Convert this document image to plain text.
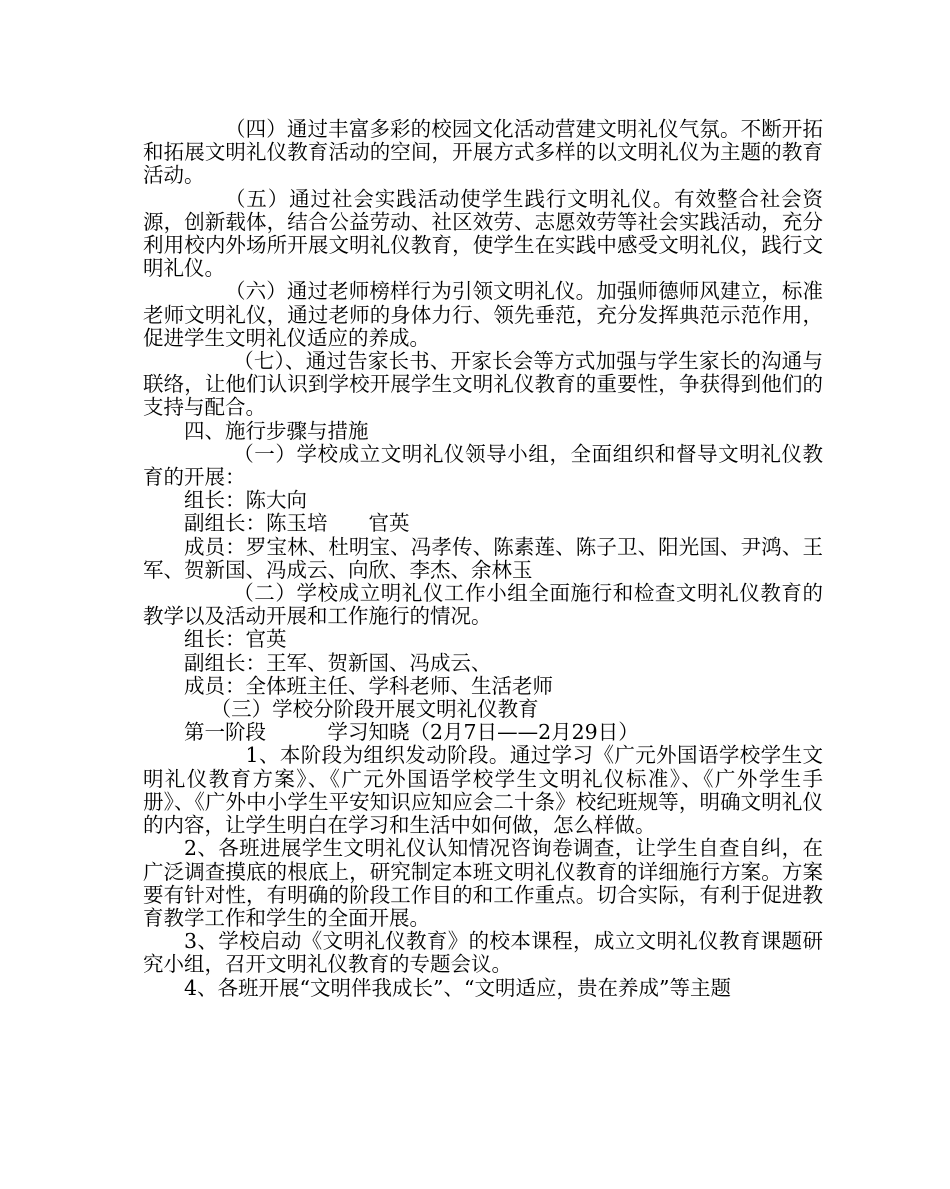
（四）通过丰富多彩的校园文化活动营建文明礼仪气氛。不断开拓和拓展文明礼仪教育活动的空间，开展方式多样的以文明礼仪为主题的教育活动。

（五）通过社会实践活动使学生践行文明礼仪。有效整合社会资源，创新载体，结合公益劳动、社区效劳、志愿效劳等社会实践活动，充分利用校内外场所开展文明礼仪教育，使学生在实践中感受文明礼仪，践行文明礼仪。

（六）通过老师榜样行为引领文明礼仪。加强师德师风建立，标准老师文明礼仪，通过老师的身体力行、领先垂范，充分发挥典范示范作用，促进学生文明礼仪适应的养成。

（七）、通过告家长书、开家长会等方式加强与学生家长的沟通与联络，让他们认识到学校开展学生文明礼仪教育的重要性，争获得到他们的支持与配合。

四、施行步骤与措施

（一）学校成立文明礼仪领导小组，全面组织和督导文明礼仪教育的开展：

组长：陈大向

副组长：陈玉培　　官英

成员：罗宝林、杜明宝、冯孝传、陈素莲、陈子卫、阳光国、尹鸿、王军、贺新国、冯成云、向欣、李杰、余林玉

（二）学校成立明礼仪工作小组全面施行和检查文明礼仪教育的教学以及活动开展和工作施行的情况。

组长：官英

副组长：王军、贺新国、冯成云、

成员：全体班主任、学科老师、生活老师

（三）学校分阶段开展文明礼仪教育

第一阶段　　　学习知晓（2月7日——2月29日）

1、本阶段为组织发动阶段。通过学习《广元外国语学校学生文明礼仪教育方案》、《广元外国语学校学生文明礼仪标准》、《广外学生手册》、《广外中小学生平安知识应知应会二十条》校纪班规等，明确文明礼仪的内容，让学生明白在学习和生活中如何做，怎么样做。

2、各班进展学生文明礼仪认知情况咨询卷调查，让学生自查自纠，在广泛调查摸底的根底上，研究制定本班文明礼仪教育的详细施行方案。方案要有针对性，有明确的阶段工作目的和工作重点。切合实际，有利于促进教育教学工作和学生的全面开展。

3、学校启动《文明礼仪教育》的校本课程，成立文明礼仪教育课题研究小组，召开文明礼仪教育的专题会议。

4、各班开展“文明伴我成长”、“文明适应，贵在养成”等主题
